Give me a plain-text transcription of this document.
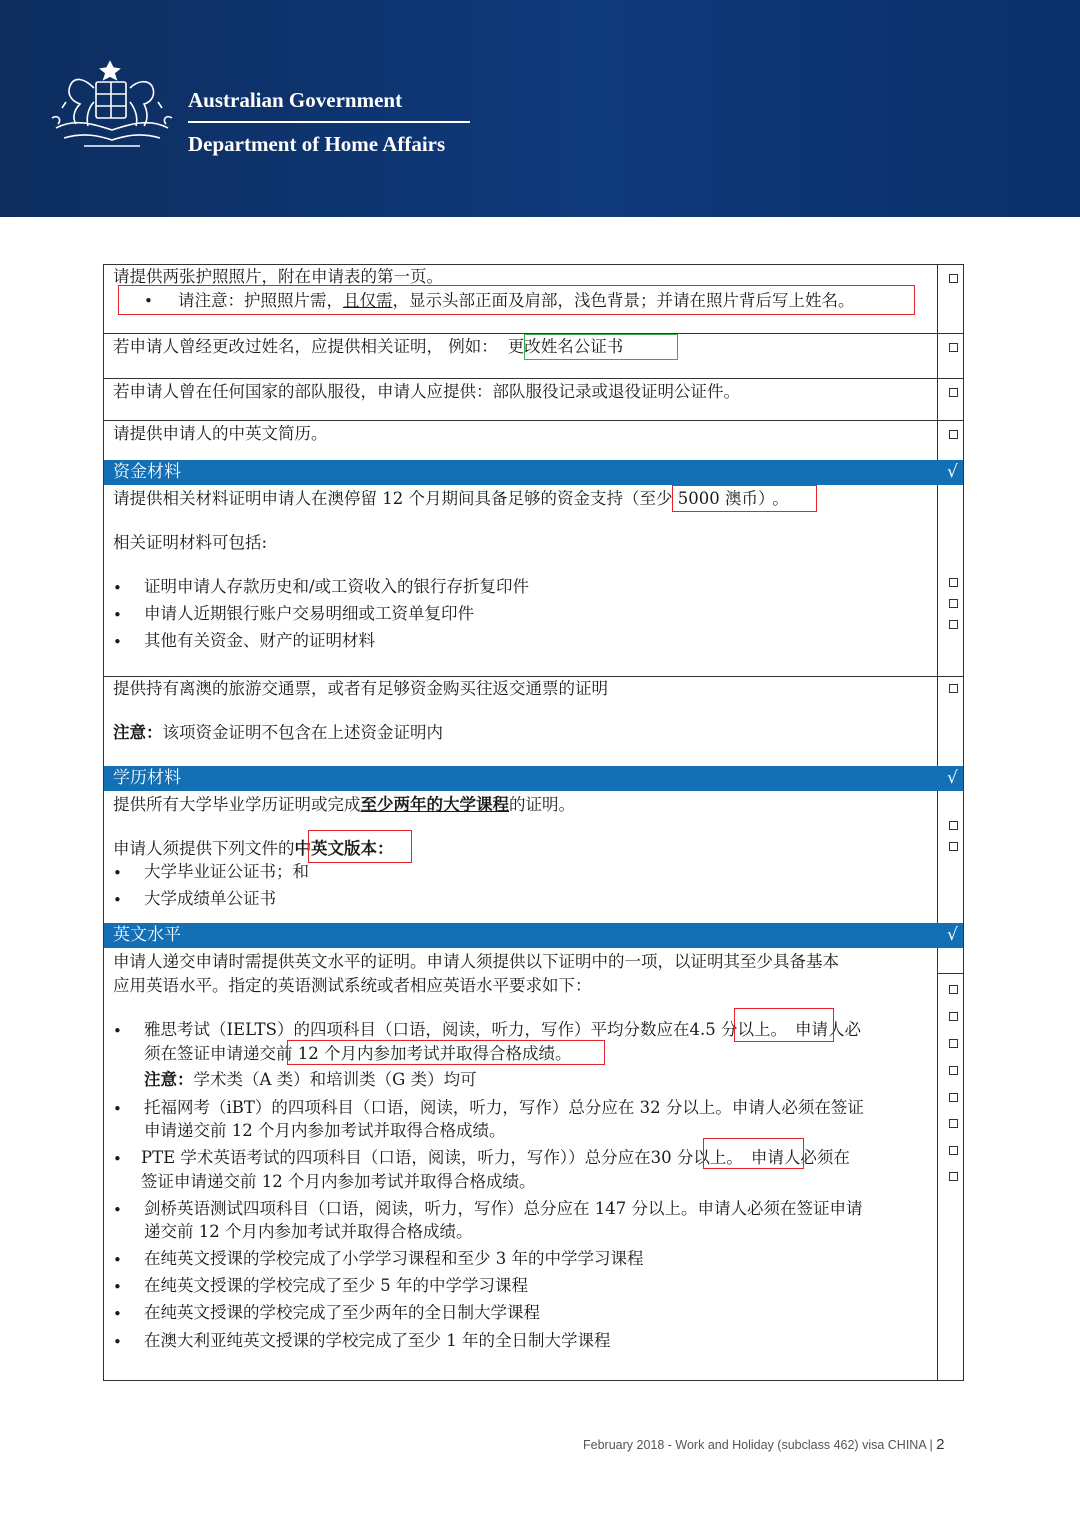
Australian Government
Department of Home Affairs
请提供两张护照照片，附在申请表的第一页。
• 请注意：护照照片需，且仅需，显示头部正面及肩部，浅色背景；并请在照片背后写上姓名。
若申请人曾经更改过姓名，应提供相关证明， 例如： 更改姓名公证书
若申请人曾在任何国家的部队服役，申请人应提供：部队服役记录或退役证明公证件。
请提供申请人的中英文简历。
资金材料	√
请提供相关材料证明申请人在澳停留 12 个月期间具备足够的资金支持（至少 5000 澳币） 。
相关证明材料可包括:
• 证明申请人存款历史和/或工资收入的银行存折复印件
• 申请人近期银行账户交易明细或工资单复印件
• 其他有关资金、财产的证明材料
提供持有离澳的旅游交通票，或者有足够资金购买往返交通票的证明
注意：该项资金证明不包含在上述资金证明内
学历材料	√
提供所有大学毕业学历证明或完成至少两年的大学课程的证明。
申请人须提供下列文件的中英文版本：
• 大学毕业证公证书；和
• 大学成绩单公证书
英文水平	√
申请人递交申请时需提供英文水平的证明。申请人须提供以下证明中的一项，以证明其至少具备基本
应用英语水平。指定的英语测试系统或者相应英语水平要求如下：
• 雅思考试（IELTS）的四项科目（口语，阅读，听力，写作）平均分数应在4.5 分以上。 申请人必
须在签证申请递交前 12 个月内参加考试并取得合格成绩。
注意：学术类（A 类）和培训类（G 类）均可
• 托福网考（iBT）的四项科目（口语，阅读，听力，写作）总分应在 32 分以上。申请人必须在签证
申请递交前 12 个月内参加考试并取得合格成绩。
• PTE 学术英语考试的四项科目（口语，阅读，听力，写作））总分应在30 分以上。 申请人必须在
签证申请递交前 12 个月内参加考试并取得合格成绩。
• 剑桥英语测试四项科目（口语，阅读，听力，写作）总分应在 147 分以上。申请人必须在签证申请
递交前 12 个月内参加考试并取得合格成绩。
• 在纯英文授课的学校完成了小学学习课程和至少 3 年的中学学习课程
• 在纯英文授课的学校完成了至少 5 年的中学学习课程
• 在纯英文授课的学校完成了至少两年的全日制大学课程
• 在澳大利亚纯英文授课的学校完成了至少 1 年的全日制大学课程
February 2018 - Work and Holiday (subclass 462) visa CHINA | 2
